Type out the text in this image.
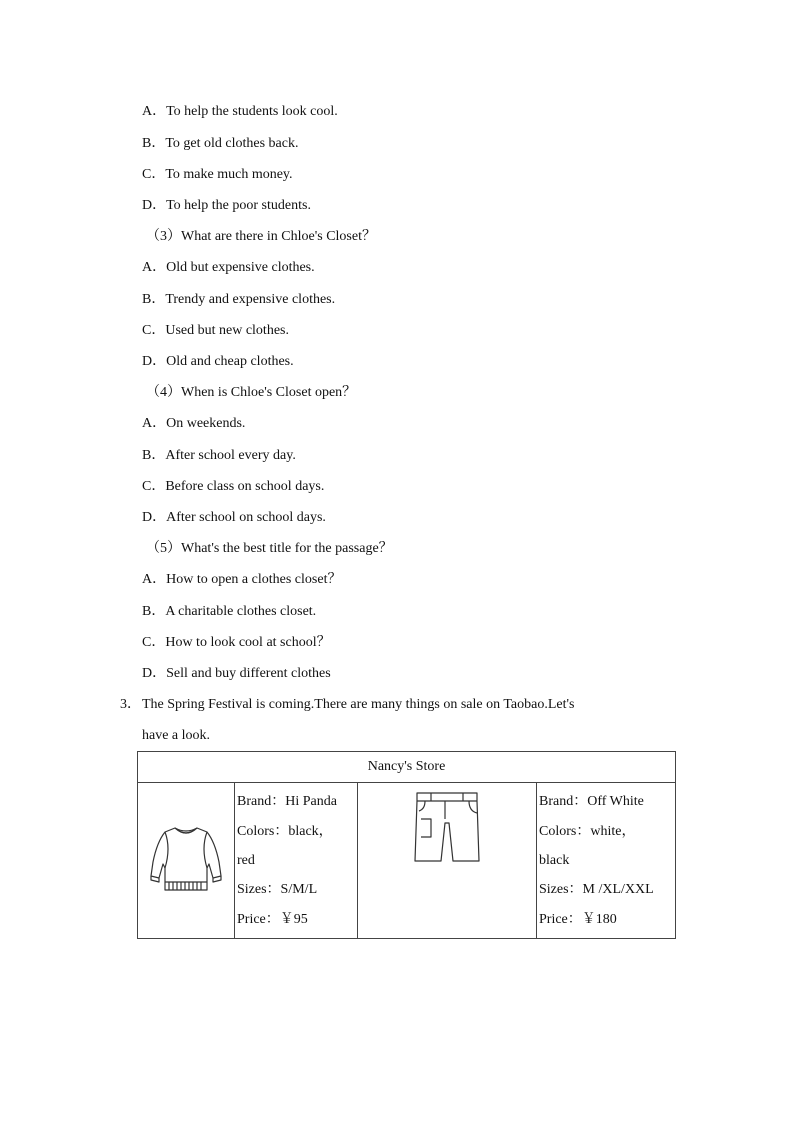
A．To help the students look cool.
B．To get old clothes back.
C．To make much money.
D．To help the poor students.
（3）What are there in Chloe's Closet？
A．Old but expensive clothes.
B．Trendy and expensive clothes.
C．Used but new clothes.
D．Old and cheap clothes.
（4）When is Chloe's Closet open？
A．On weekends.
B．After school every day.
C．Before class on school days.
D．After school on school days.
（5）What's the best title for the passage？
A．How to open a clothes closet？
B．A charitable clothes closet.
C．How to look cool at school？
D．Sell and buy different clothes
3． The Spring Festival is coming.There are many things on sale on Taobao.Let's
have a look.
Nancy's Store

Brand：Hi Panda
Colors：black，
red
Sizes：S/M/L
Price：￥95

Brand：Off White
Colors：white，
black
Sizes：M /XL/XXL
Price：￥180
